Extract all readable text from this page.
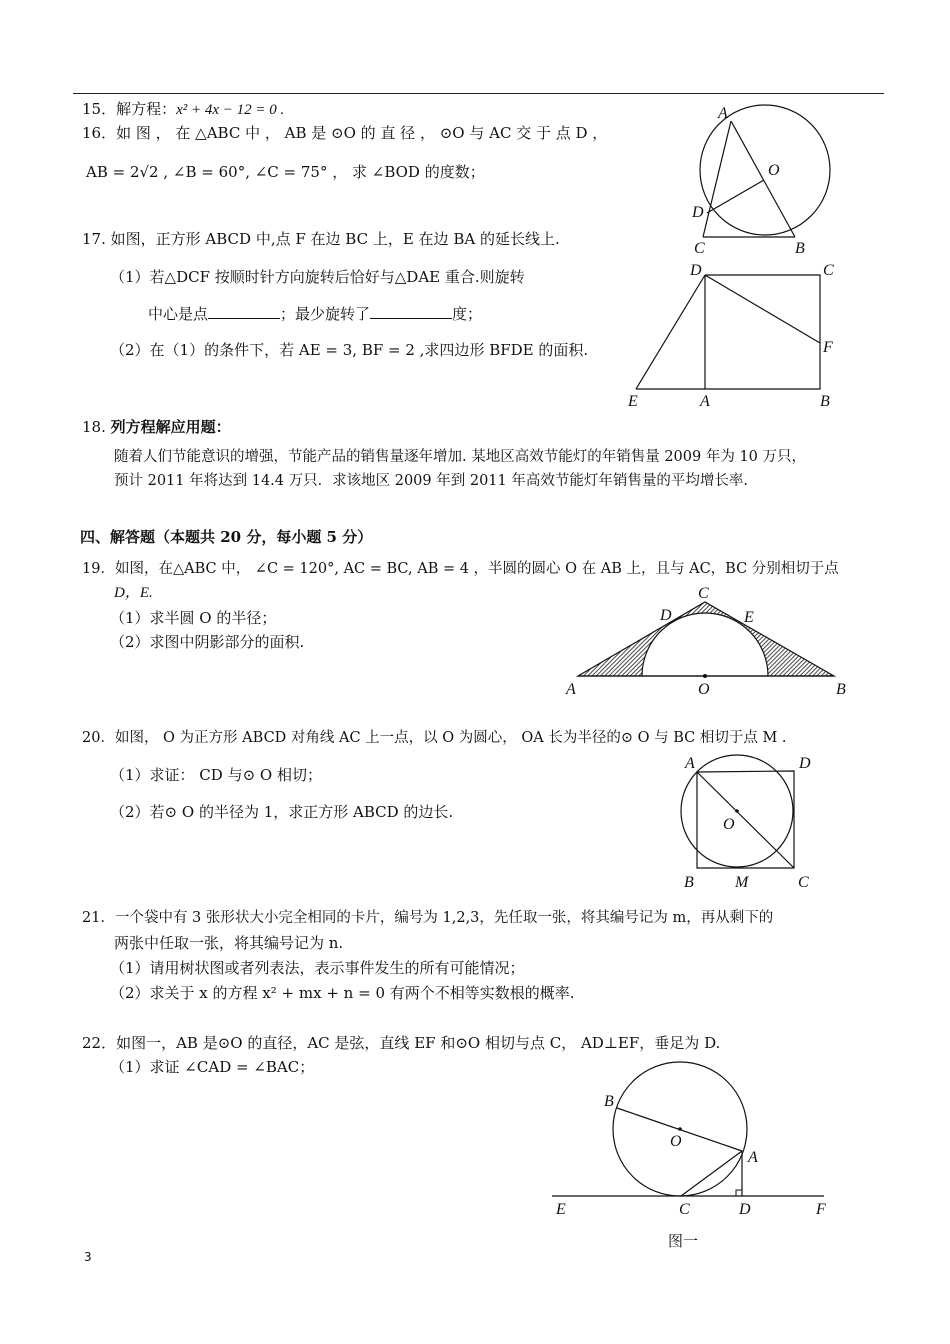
15．解方程：x² + 4x − 12 = 0 .
16．如 图 ， 在 △ABC 中 ， AB 是 ⊙O 的 直 径 ， ⊙O 与 AC 交 于 点 D ，
AB = 2√2 , ∠B = 60°, ∠C = 75° ， 求 ∠BOD 的度数；
A
O
D
C	B
17. 如图，正方形 ABCD 中,点 F 在边 BC 上，E 在边 BA 的延长线上.
（1）若△DCF 按顺时针方向旋转后恰好与△DAE 重合.则旋转
中心是点	；最少旋转了	度；
（2）在（1）的条件下，若 AE = 3, BF = 2 ,求四边形 BFDE 的面积.
D	C
F
E	A	B
18. 列方程解应用题：
随着人们节能意识的增强，节能产品的销售量逐年增加. 某地区高效节能灯的年销售量 2009 年为 10 万只，
预计 2011 年将达到 14.4 万只．求该地区 2009 年到 2011 年高效节能灯年销售量的平均增长率.
四、解答题（本题共 20 分，每小题 5 分）
19．如图，在△ABC 中， ∠C = 120°, AC = BC, AB = 4 ，半圆的圆心 O 在 AB 上，且与 AC，BC 分别相切于点
D，E.
（1）求半圆 O 的半径；
（2）求图中阴影部分的面积.
C
D	E
A	O	B
20．如图， O 为正方形 ABCD 对角线 AC 上一点，以 O 为圆心， OA 长为半径的⊙ O 与 BC 相切于点 M .
（1）求证： CD 与⊙ O 相切；
（2）若⊙ O 的半径为 1，求正方形 ABCD 的边长.
A	D
O
B	M	C
21．一个袋中有 3 张形状大小完全相同的卡片，编号为 1,2,3，先任取一张，将其编号记为 m，再从剩下的
两张中任取一张，将其编号记为 n.
（1）请用树状图或者列表法，表示事件发生的所有可能情况；
（2）求关于 x 的方程 x² + mx + n = 0 有两个不相等实数根的概率.
22．如图一，AB 是⊙O 的直径，AC 是弦，直线 EF 和⊙O 相切与点 C， AD⊥EF，垂足为 D.
（1）求证 ∠CAD = ∠BAC；
B
O
A
E	C	D	F
图一
3
